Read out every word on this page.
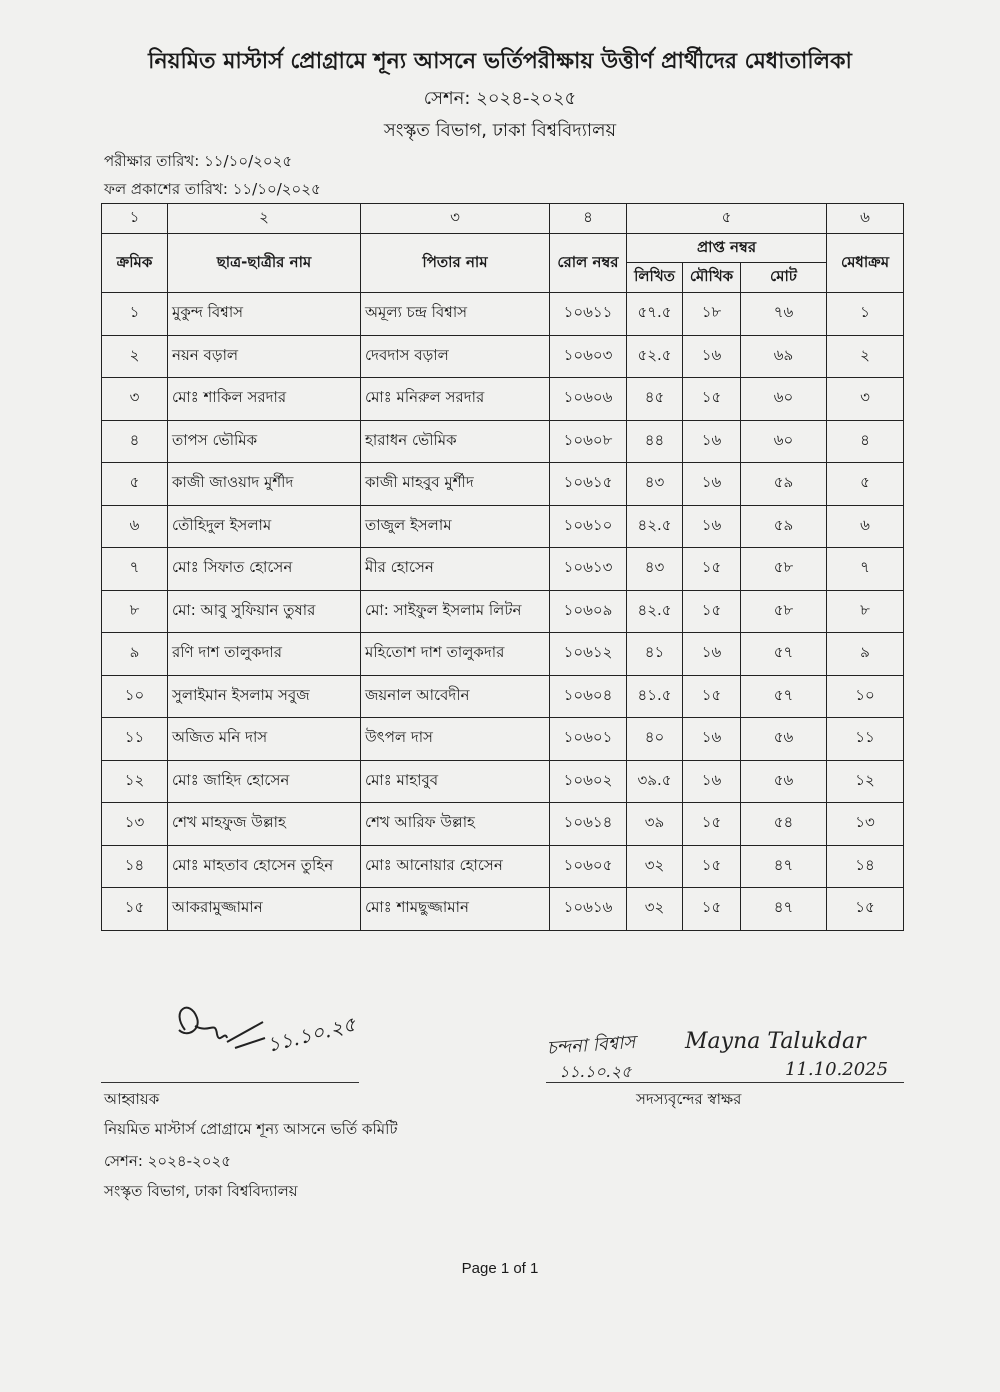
নিয়মিত মাস্টার্স প্রোগ্রামে শূন্য আসনে ভর্তিপরীক্ষায় উত্তীর্ণ প্রার্থীদের মেধাতালিকা
সেশন: ২০২৪-২০২৫
সংস্কৃত বিভাগ, ঢাকা বিশ্ববিদ্যালয়
পরীক্ষার তারিখ: ১১/১০/২০২৫
ফল প্রকাশের তারিখ: ১১/১০/২০২৫
১	২	৩	৪	৫			৬
ক্রমিক	ছাত্র-ছাত্রীর নাম	পিতার নাম	রোল নম্বর	প্রাপ্ত নম্বর			মেধাক্রম
				লিখিত	মৌখিক	মোট	
১	মুকুন্দ বিশ্বাস	অমূল্য চন্দ্র বিশ্বাস	১০৬১১	৫৭.৫	১৮	৭৬	১
২	নয়ন বড়াল	দেবদাস বড়াল	১০৬০৩	৫২.৫	১৬	৬৯	২
৩	মোঃ শাকিল সরদার	মোঃ মনিরুল সরদার	১০৬০৬	৪৫	১৫	৬০	৩
৪	তাপস ভৌমিক	হারাধন ভৌমিক	১০৬০৮	৪৪	১৬	৬০	৪
৫	কাজী জাওয়াদ মুর্শীদ	কাজী মাহবুব মুর্শীদ	১০৬১৫	৪৩	১৬	৫৯	৫
৬	তৌহিদুল ইসলাম	তাজুল ইসলাম	১০৬১০	৪২.৫	১৬	৫৯	৬
৭	মোঃ সিফাত হোসেন	মীর হোসেন	১০৬১৩	৪৩	১৫	৫৮	৭
৮	মো: আবু সুফিয়ান তুষার	মো: সাইফুল ইসলাম লিটন	১০৬০৯	৪২.৫	১৫	৫৮	৮
৯	রণি দাশ তালুকদার	মহিতোশ দাশ তালুকদার	১০৬১২	৪১	১৬	৫৭	৯
১০	সুলাইমান ইসলাম সবুজ	জয়নাল আবেদীন	১০৬০৪	৪১.৫	১৫	৫৭	১০
১১	অজিত মনি দাস	উৎপল দাস	১০৬০১	৪০	১৬	৫৬	১১
১২	মোঃ জাহিদ হোসেন	মোঃ মাহাবুব	১০৬০২	৩৯.৫	১৬	৫৬	১২
১৩	শেখ মাহফুজ উল্লাহ	শেখ আরিফ উল্লাহ	১০৬১৪	৩৯	১৫	৫৪	১৩
১৪	মোঃ মাহতাব হোসেন তুহিন	মোঃ আনোয়ার হোসেন	১০৬০৫	৩২	১৫	৪৭	১৪
১৫	আকরামুজ্জামান	মোঃ শামছুজ্জামান	১০৬১৬	৩২	১৫	৪৭	১৫
১১.১০.২৫
আহ্বায়ক
নিয়মিত মাস্টার্স প্রোগ্রামে শূন্য আসনে ভর্তি কমিটি
সেশন: ২০২৪-২০২৫
সংস্কৃত বিভাগ, ঢাকা বিশ্ববিদ্যালয়
চন্দনা বিশ্বাস
১১.১০.২৫
Mayna Talukdar
11.10.2025
সদস্যবৃন্দের স্বাক্ষর
Page 1 of 1
